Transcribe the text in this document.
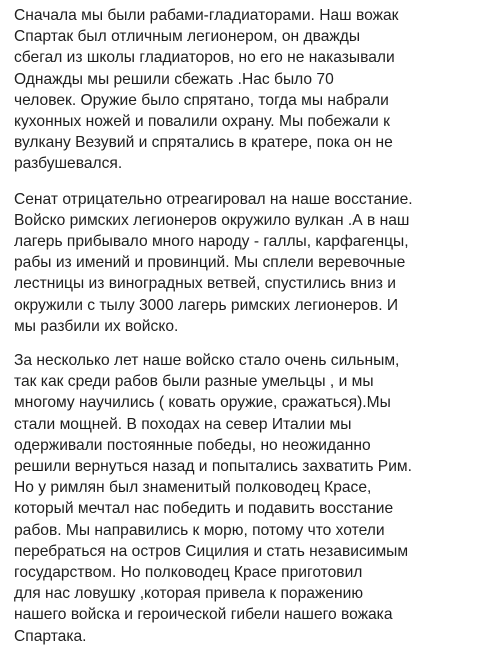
Сначала мы были рабами-гладиаторами. Наш вожак
Спартак был отличным легионером, он дважды
сбегал из школы гладиаторов, но его не наказывали
Однажды мы решили сбежать .Нас было 70
человек. Оружие было спрятано, тогда мы набрали
кухонных ножей и повалили охрану. Мы побежали к
вулкану Везувий и спрятались в кратере, пока он не
разбушевался.

Сенат отрицательно отреагировал на наше восстание.
Войско римских легионеров окружило вулкан .А в наш
лагерь прибывало много народу - галлы, карфагенцы,
рабы из имений и провинций. Мы сплели веревочные
лестницы из виноградных ветвей, спустились вниз и
окружили с тылу 3000 лагерь римских легионеров. И
мы разбили их войско.

За несколько лет наше войско стало очень сильным,
так как среди рабов были разные умельцы , и мы
многому научились ( ковать оружие, сражаться).Мы
стали мощней. В походах на север Италии мы
одерживали постоянные победы, но неожиданно
решили вернуться назад и попытались захватить Рим.
Но у римлян был знаменитый полководец Красе,
который мечтал нас победить и подавить восстание
рабов. Мы направились к морю, потому что хотели
перебраться на остров Сицилия и стать независимым
государством. Но полководец Красе приготовил
для нас ловушку ,которая привела к поражению
нашего войска и героической гибели нашего вожака
Спартака.
